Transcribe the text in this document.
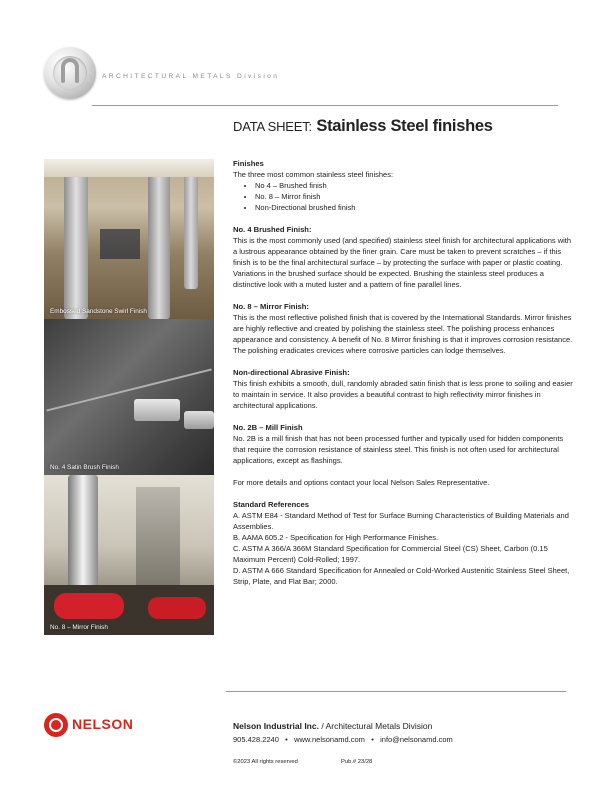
ARCHITECTURAL METALS Division
DATA SHEET: Stainless Steel finishes
Embossed Sandstone Swirl Finish
No. 4 Satin Brush Finish
No. 8 – Mirror Finish
Finishes

The three most common stainless steel finishes:

• No 4 – Brushed finish
• No. 8 – Mirror finish
• Non-Directional brushed finish
No. 4 Brushed Finish:

This is the most commonly used (and specified) stainless steel finish for architectural applications with a lustrous appearance obtained by the finer grain. Care must be taken to prevent scratches – if this finish is to be the final architectural surface – by protecting the surface with paper or plastic coating. Variations in the brushed surface should be expected. Brushing the stainless steel produces a distinctive look with a muted luster and a pattern of fine parallel lines.

No. 8 – Mirror Finish:

This is the most reflective polished finish that is covered by the International Standards. Mirror finishes are highly reflective and created by polishing the stainless steel. The polishing process enhances appearance and consistency. A benefit of No. 8 Mirror finishing is that it improves corrosion resistance. The polishing eradicates crevices where corrosive particles can lodge themselves.

Non-directional Abrasive Finish:

This finish exhibits a smooth, dull, randomly abraded satin finish that is less prone to soiling and easier to maintain in service. It also provides a beautiful contrast to high reflectivity mirror finishes in architectural applications.

No. 2B – Mill Finish

No. 2B is a mill finish that has not been processed further and typically used for hidden components that require the corrosion resistance of stainless steel. This finish is not often used for architectural applications, except as flashings.

For more details and options contact your local Nelson Sales Representative.

Standard References

A. ASTM E84 - Standard Method of Test for Surface Burning Characteristics of Building Materials and Assemblies.

B. AAMA 605.2 - Specification for High Performance Finishes.

C. ASTM A 366/A 366M Standard Specification for Commercial Steel (CS) Sheet, Carbon (0.15 Maximum Percent) Cold-Rolled; 1997.

D. ASTM A 666 Standard Specification for Annealed or Cold-Worked Austenitic Stainless Steel Sheet, Strip, Plate, and Flat Bar; 2000.

NELSON	Nelson Industrial Inc. / Architectural Metals Division
905.428.2240 • www.nelsonamd.com • info@nelsonamd.com
©2023 All rights reserved	Pub.# 23/28
